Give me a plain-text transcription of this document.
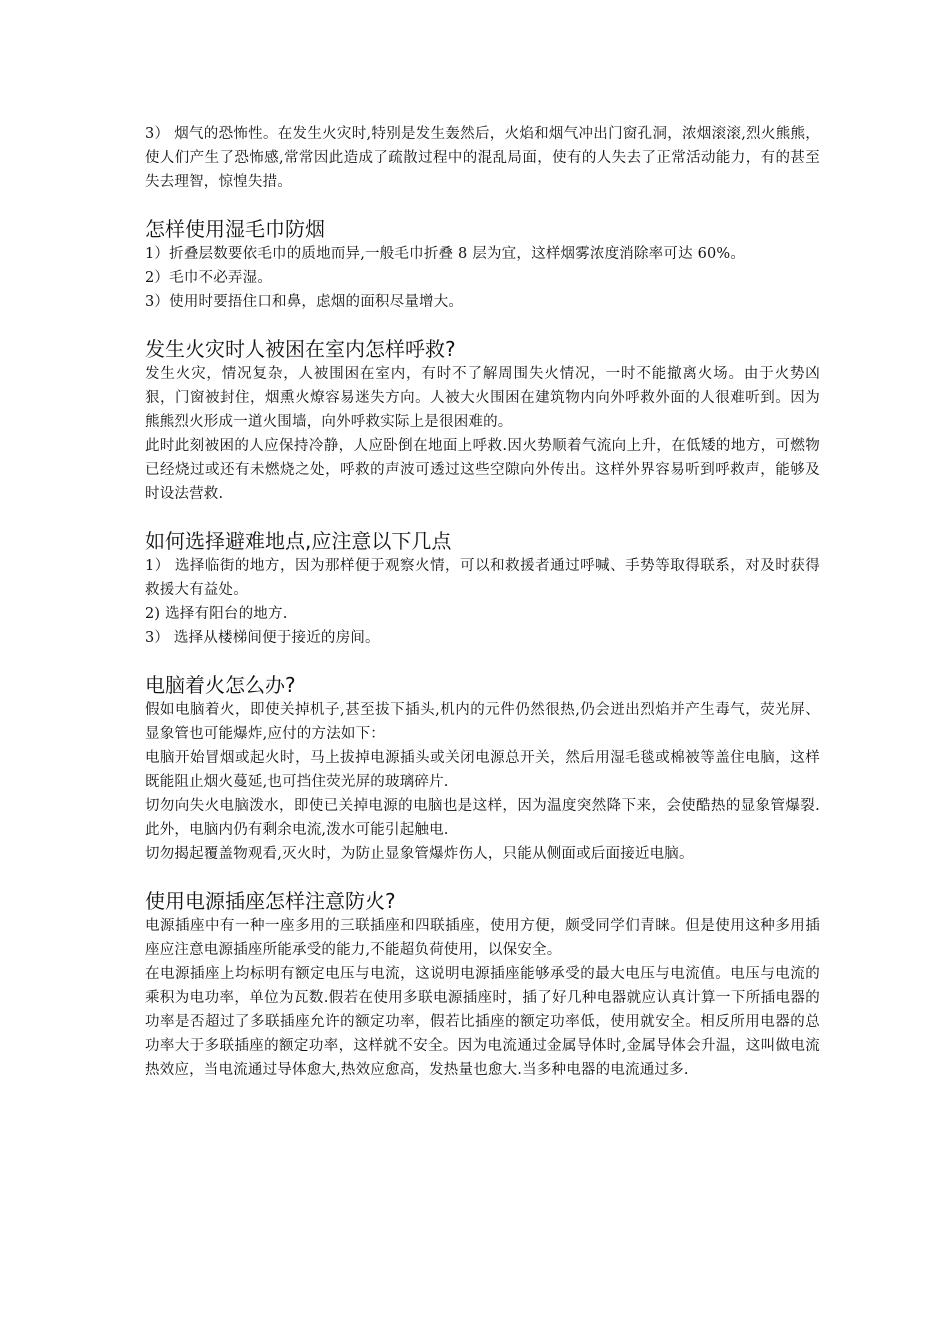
3） 烟气的恐怖性。在发生火灾时,特别是发生轰然后，火焰和烟气冲出门窗孔洞，浓烟滚滚,烈火熊熊，使人们产生了恐怖感,常常因此造成了疏散过程中的混乱局面，使有的人失去了正常活动能力，有的甚至失去理智，惊惶失措。

怎样使用湿毛巾防烟

1）折叠层数要依毛巾的质地而异,一般毛巾折叠 8 层为宜，这样烟雾浓度消除率可达 60%。

2）毛巾不必弄湿。

3）使用时要捂住口和鼻，虑烟的面积尽量增大。

发生火灾时人被困在室内怎样呼救?

发生火灾，情况复杂，人被围困在室内，有时不了解周围失火情况，一时不能撤离火场。由于火势凶狠，门窗被封住，烟熏火燎容易迷失方向。人被大火围困在建筑物内向外呼救外面的人很难听到。因为熊熊烈火形成一道火围墙，向外呼救实际上是很困难的。

此时此刻被困的人应保持冷静，人应卧倒在地面上呼救.因火势顺着气流向上升，在低矮的地方，可燃物已经烧过或还有未燃烧之处，呼救的声波可透过这些空隙向外传出。这样外界容易听到呼救声，能够及时设法营救.

如何选择避难地点,应注意以下几点

1） 选择临街的地方，因为那样便于观察火情，可以和救援者通过呼喊、手势等取得联系，对及时获得救援大有益处。

2) 选择有阳台的地方.

3） 选择从楼梯间便于接近的房间。

电脑着火怎么办?

假如电脑着火，即使关掉机子,甚至拔下插头,机内的元件仍然很热,仍会迸出烈焰并产生毒气，荧光屏、显象管也可能爆炸,应付的方法如下：

电脑开始冒烟或起火时，马上拔掉电源插头或关闭电源总开关，然后用湿毛毯或棉被等盖住电脑，这样既能阻止烟火蔓延,也可挡住荧光屏的玻璃碎片.

切勿向失火电脑泼水，即使已关掉电源的电脑也是这样，因为温度突然降下来，会使酷热的显象管爆裂.此外，电脑内仍有剩余电流,泼水可能引起触电.

切勿揭起覆盖物观看,灭火时，为防止显象管爆炸伤人，只能从侧面或后面接近电脑。

使用电源插座怎样注意防火?

电源插座中有一种一座多用的三联插座和四联插座，使用方便，颇受同学们青睐。但是使用这种多用插座应注意电源插座所能承受的能力,不能超负荷使用，以保安全。

在电源插座上均标明有额定电压与电流，这说明电源插座能够承受的最大电压与电流值。电压与电流的乘积为电功率，单位为瓦数.假若在使用多联电源插座时，插了好几种电器就应认真计算一下所插电器的功率是否超过了多联插座允许的额定功率，假若比插座的额定功率低，使用就安全。相反所用电器的总功率大于多联插座的额定功率，这样就不安全。因为电流通过金属导体时,金属导体会升温，这叫做电流热效应，当电流通过导体愈大,热效应愈高，发热量也愈大.当多种电器的电流通过多.
